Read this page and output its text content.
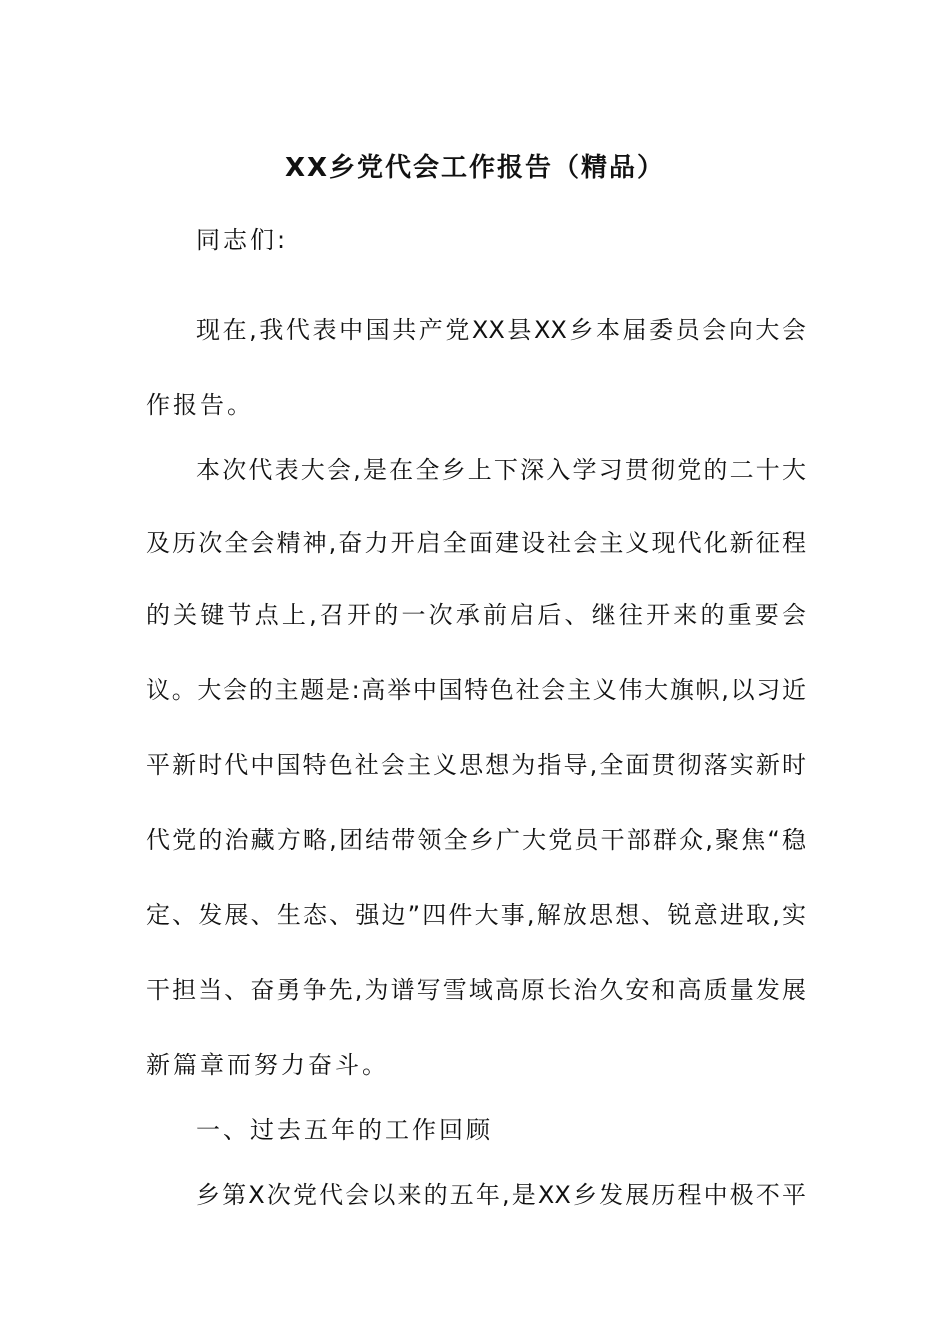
XX乡党代会工作报告（精品）
同志们:
现在,我代表中国共产党XX县XX乡本届委员会向大会
作报告。
本次代表大会,是在全乡上下深入学习贯彻党的二十大
及历次全会精神,奋力开启全面建设社会主义现代化新征程
的关键节点上,召开的一次承前启后、继往开来的重要会
议。大会的主题是:高举中国特色社会主义伟大旗帜,以习近
平新时代中国特色社会主义思想为指导,全面贯彻落实新时
代党的治藏方略,团结带领全乡广大党员干部群众,聚焦“稳
定、发展、生态、强边”四件大事,解放思想、锐意进取,实
干担当、奋勇争先,为谱写雪域高原长治久安和高质量发展
新篇章而努力奋斗。
一、过去五年的工作回顾
乡第X次党代会以来的五年,是XX乡发展历程中极不平
